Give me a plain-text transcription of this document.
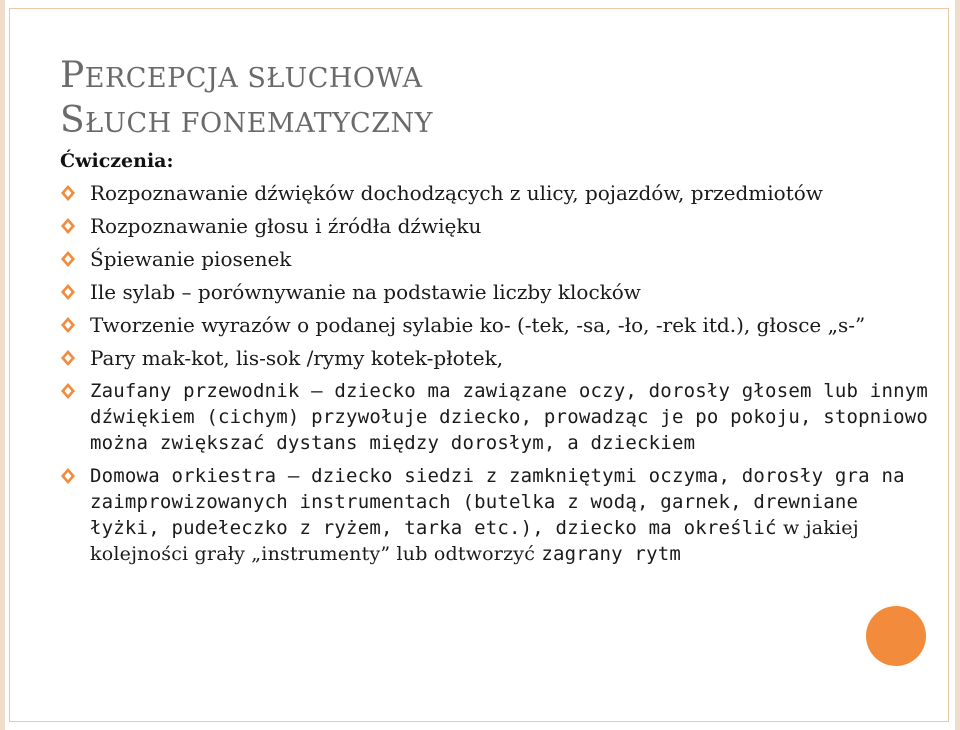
PERCEPCJA SŁUCHOWA
SŁUCH FONEMATYCZNY
Ćwiczenia:
Rozpoznawanie dźwięków dochodzących z ulicy, pojazdów, przedmiotów
Rozpoznawanie głosu i źródła dźwięku
Śpiewanie piosenek
Ile sylab – porównywanie na podstawie liczby klocków
Tworzenie wyrazów o podanej sylabie ko- (-tek, -sa, -ło, -rek itd.), głosce „s-”
Pary mak-kot, lis-sok /rymy kotek-płotek,
Zaufany przewodnik – dziecko ma zawiązane oczy, dorosły głosem lub innym dźwiękiem (cichym) przywołuje dziecko, prowadząc je po pokoju, stopniowo można zwiększać dystans między dorosłym, a dzieckiem
Domowa orkiestra – dziecko siedzi z zamkniętymi oczyma, dorosły gra na zaimprowizowanych instrumentach (butelka z wodą, garnek, drewniane łyżki, pudełeczko z ryżem, tarka etc.), dziecko ma określić w jakiej kolejności grały „instrumenty” lub odtworzyć zagrany rytm
